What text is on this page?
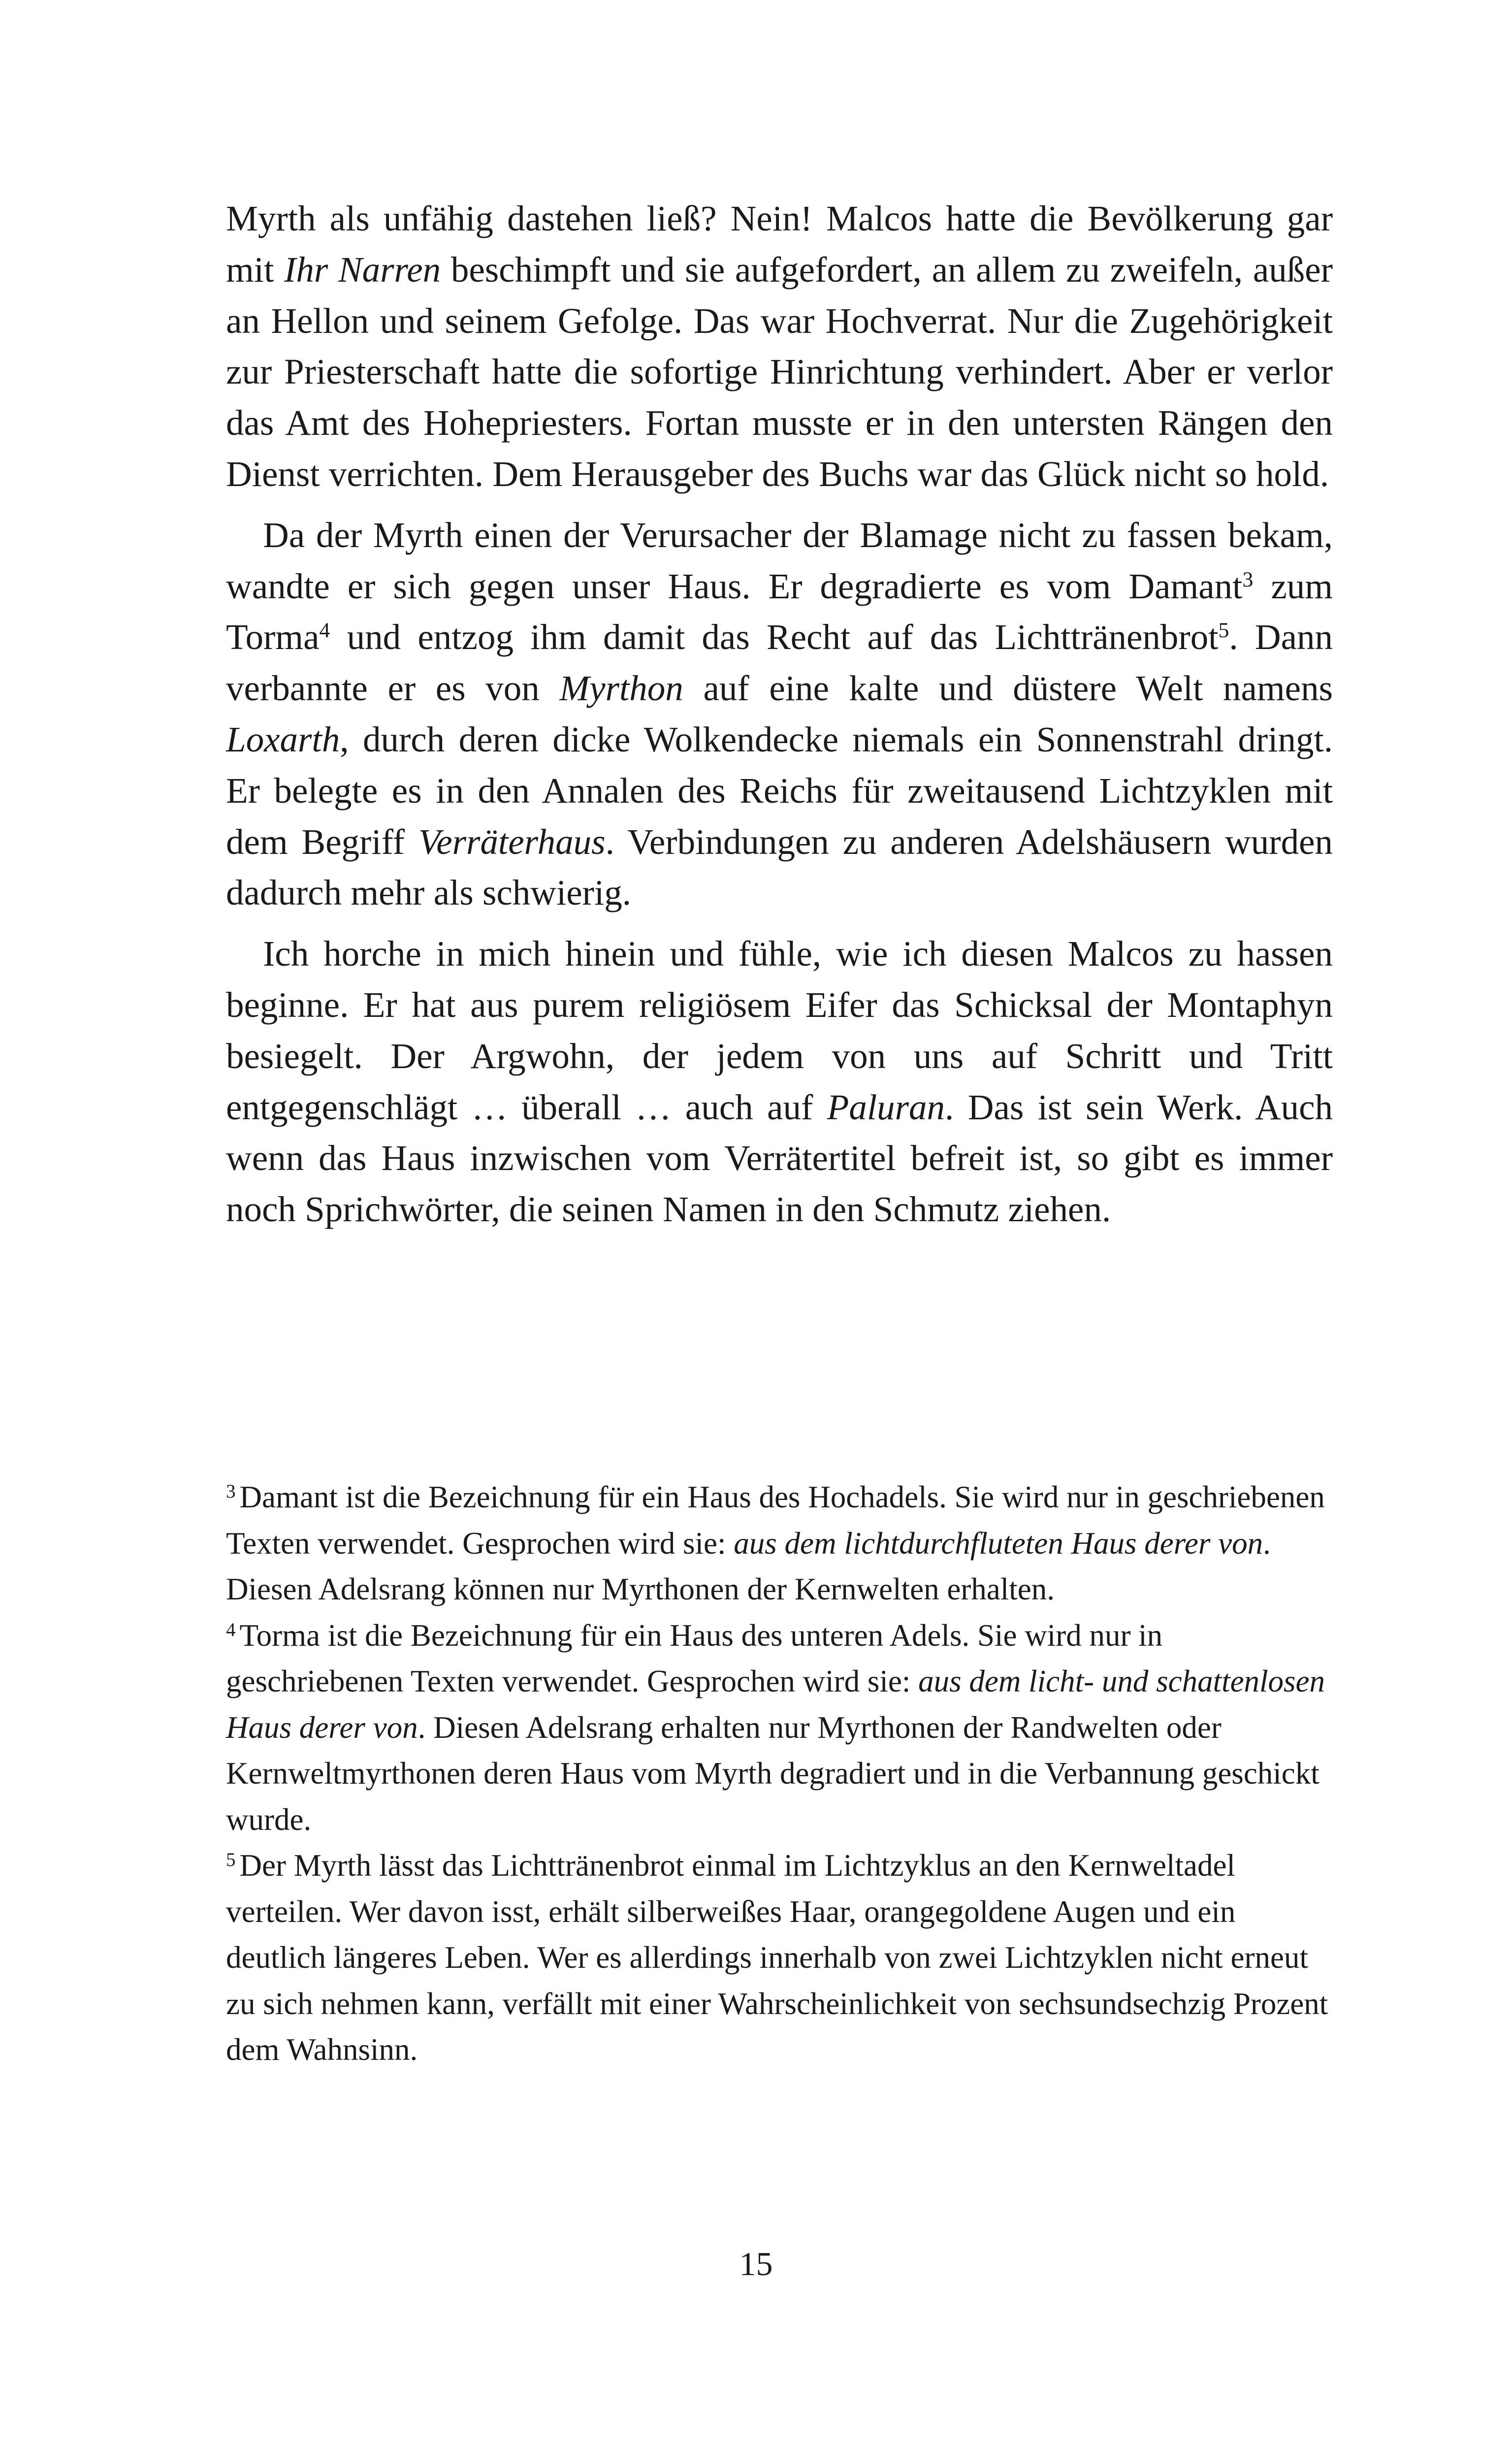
Myrth als unfähig dastehen ließ? Nein! Malcos hatte die Bevölkerung gar mit Ihr Narren beschimpft und sie aufgefordert, an allem zu zweifeln, außer an Hellon und seinem Gefolge. Das war Hochverrat. Nur die Zugehörigkeit zur Priesterschaft hatte die sofortige Hinrichtung verhindert. Aber er verlor das Amt des Hohepriesters. Fortan musste er in den untersten Rängen den Dienst verrichten. Dem Herausgeber des Buchs war das Glück nicht so hold.

Da der Myrth einen der Verursacher der Blamage nicht zu fassen bekam, wandte er sich gegen unser Haus. Er degradierte es vom Damant$^3$ zum Torma$^4$ und entzog ihm damit das Recht auf das Lichttränenbrot$^5$. Dann verbannte er es von Myrthon auf eine kalte und düstere Welt namens Loxarth, durch deren dicke Wolkendecke niemals ein Sonnenstrahl dringt. Er belegte es in den Annalen des Reichs für zweitausend Lichtzyklen mit dem Begriff Verräterhaus. Verbindungen zu anderen Adelshäusern wurden dadurch mehr als schwierig.

Ich horche in mich hinein und fühle, wie ich diesen Malcos zu hassen beginne. Er hat aus purem religiösem Eifer das Schicksal der Montaphyn besiegelt. Der Argwohn, der jedem von uns auf Schritt und Tritt entgegenschlägt … überall … auch auf Paluran. Das ist sein Werk. Auch wenn das Haus inzwischen vom Verrätertitel befreit ist, so gibt es immer noch Sprichwörter, die seinen Namen in den Schmutz ziehen.

$^3$ Damant ist die Bezeichnung für ein Haus des Hochadels. Sie wird nur in geschriebenen Texten verwendet. Gesprochen wird sie: aus dem lichtdurchfluteten Haus derer von. Diesen Adelsrang können nur Myrthonen der Kernwelten erhalten.

$^4$ Torma ist die Bezeichnung für ein Haus des unteren Adels. Sie wird nur in geschriebenen Texten verwendet. Gesprochen wird sie: aus dem licht- und schattenlosen Haus derer von. Diesen Adelsrang erhalten nur Myrthonen der Randwelten oder Kernweltmyrthonen deren Haus vom Myrth degradiert und in die Verbannung geschickt wurde.

$^5$ Der Myrth lässt das Lichttränenbrot einmal im Lichtzyklus an den Kernweltadel verteilen. Wer davon isst, erhält silberweißes Haar, orangegoldene Augen und ein deutlich längeres Leben. Wer es allerdings innerhalb von zwei Lichtzyklen nicht erneut zu sich nehmen kann, verfällt mit einer Wahrscheinlichkeit von sechsundsechzig Prozent dem Wahnsinn.

15
